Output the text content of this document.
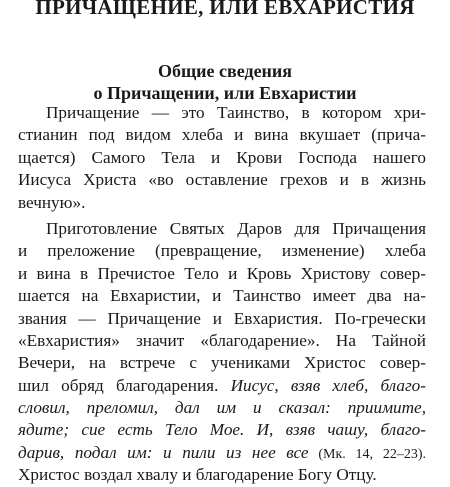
ПРИЧАЩЕНИЕ, ИЛИ ЕВХАРИСТИЯ
Общие сведения
о Причащении, или Евхаристии
Причащение — это Таинство, в котором хри-
стианин под видом хлеба и вина вкушает (прича-
щается) Самого Тела и Крови Господа нашего
Иисуса Христа «во оставление грехов и в жизнь
вечную».
Приготовление Святых Даров для Причащения
и преложение (превращение, изменение) хлеба
и вина в Пречистое Тело и Кровь Христову совер-
шается на Евхаристии, и Таинство имеет два на-
звания — Причащение и Евхаристия. По-гречески
«Евхаристия» значит «благодарение». На Тайной
Вечери, на встрече с учениками Христос совер-
шил обряд благодарения. Иисус, взяв хлеб, благо-
словил, преломил, дал им и сказал: приимите,
ядите; сие есть Тело Мое. И, взяв чашу, благо-
дарив, подал им: и пили из нее все (Мк. 14, 22–23).
Христос воздал хвалу и благодарение Богу Отцу.
